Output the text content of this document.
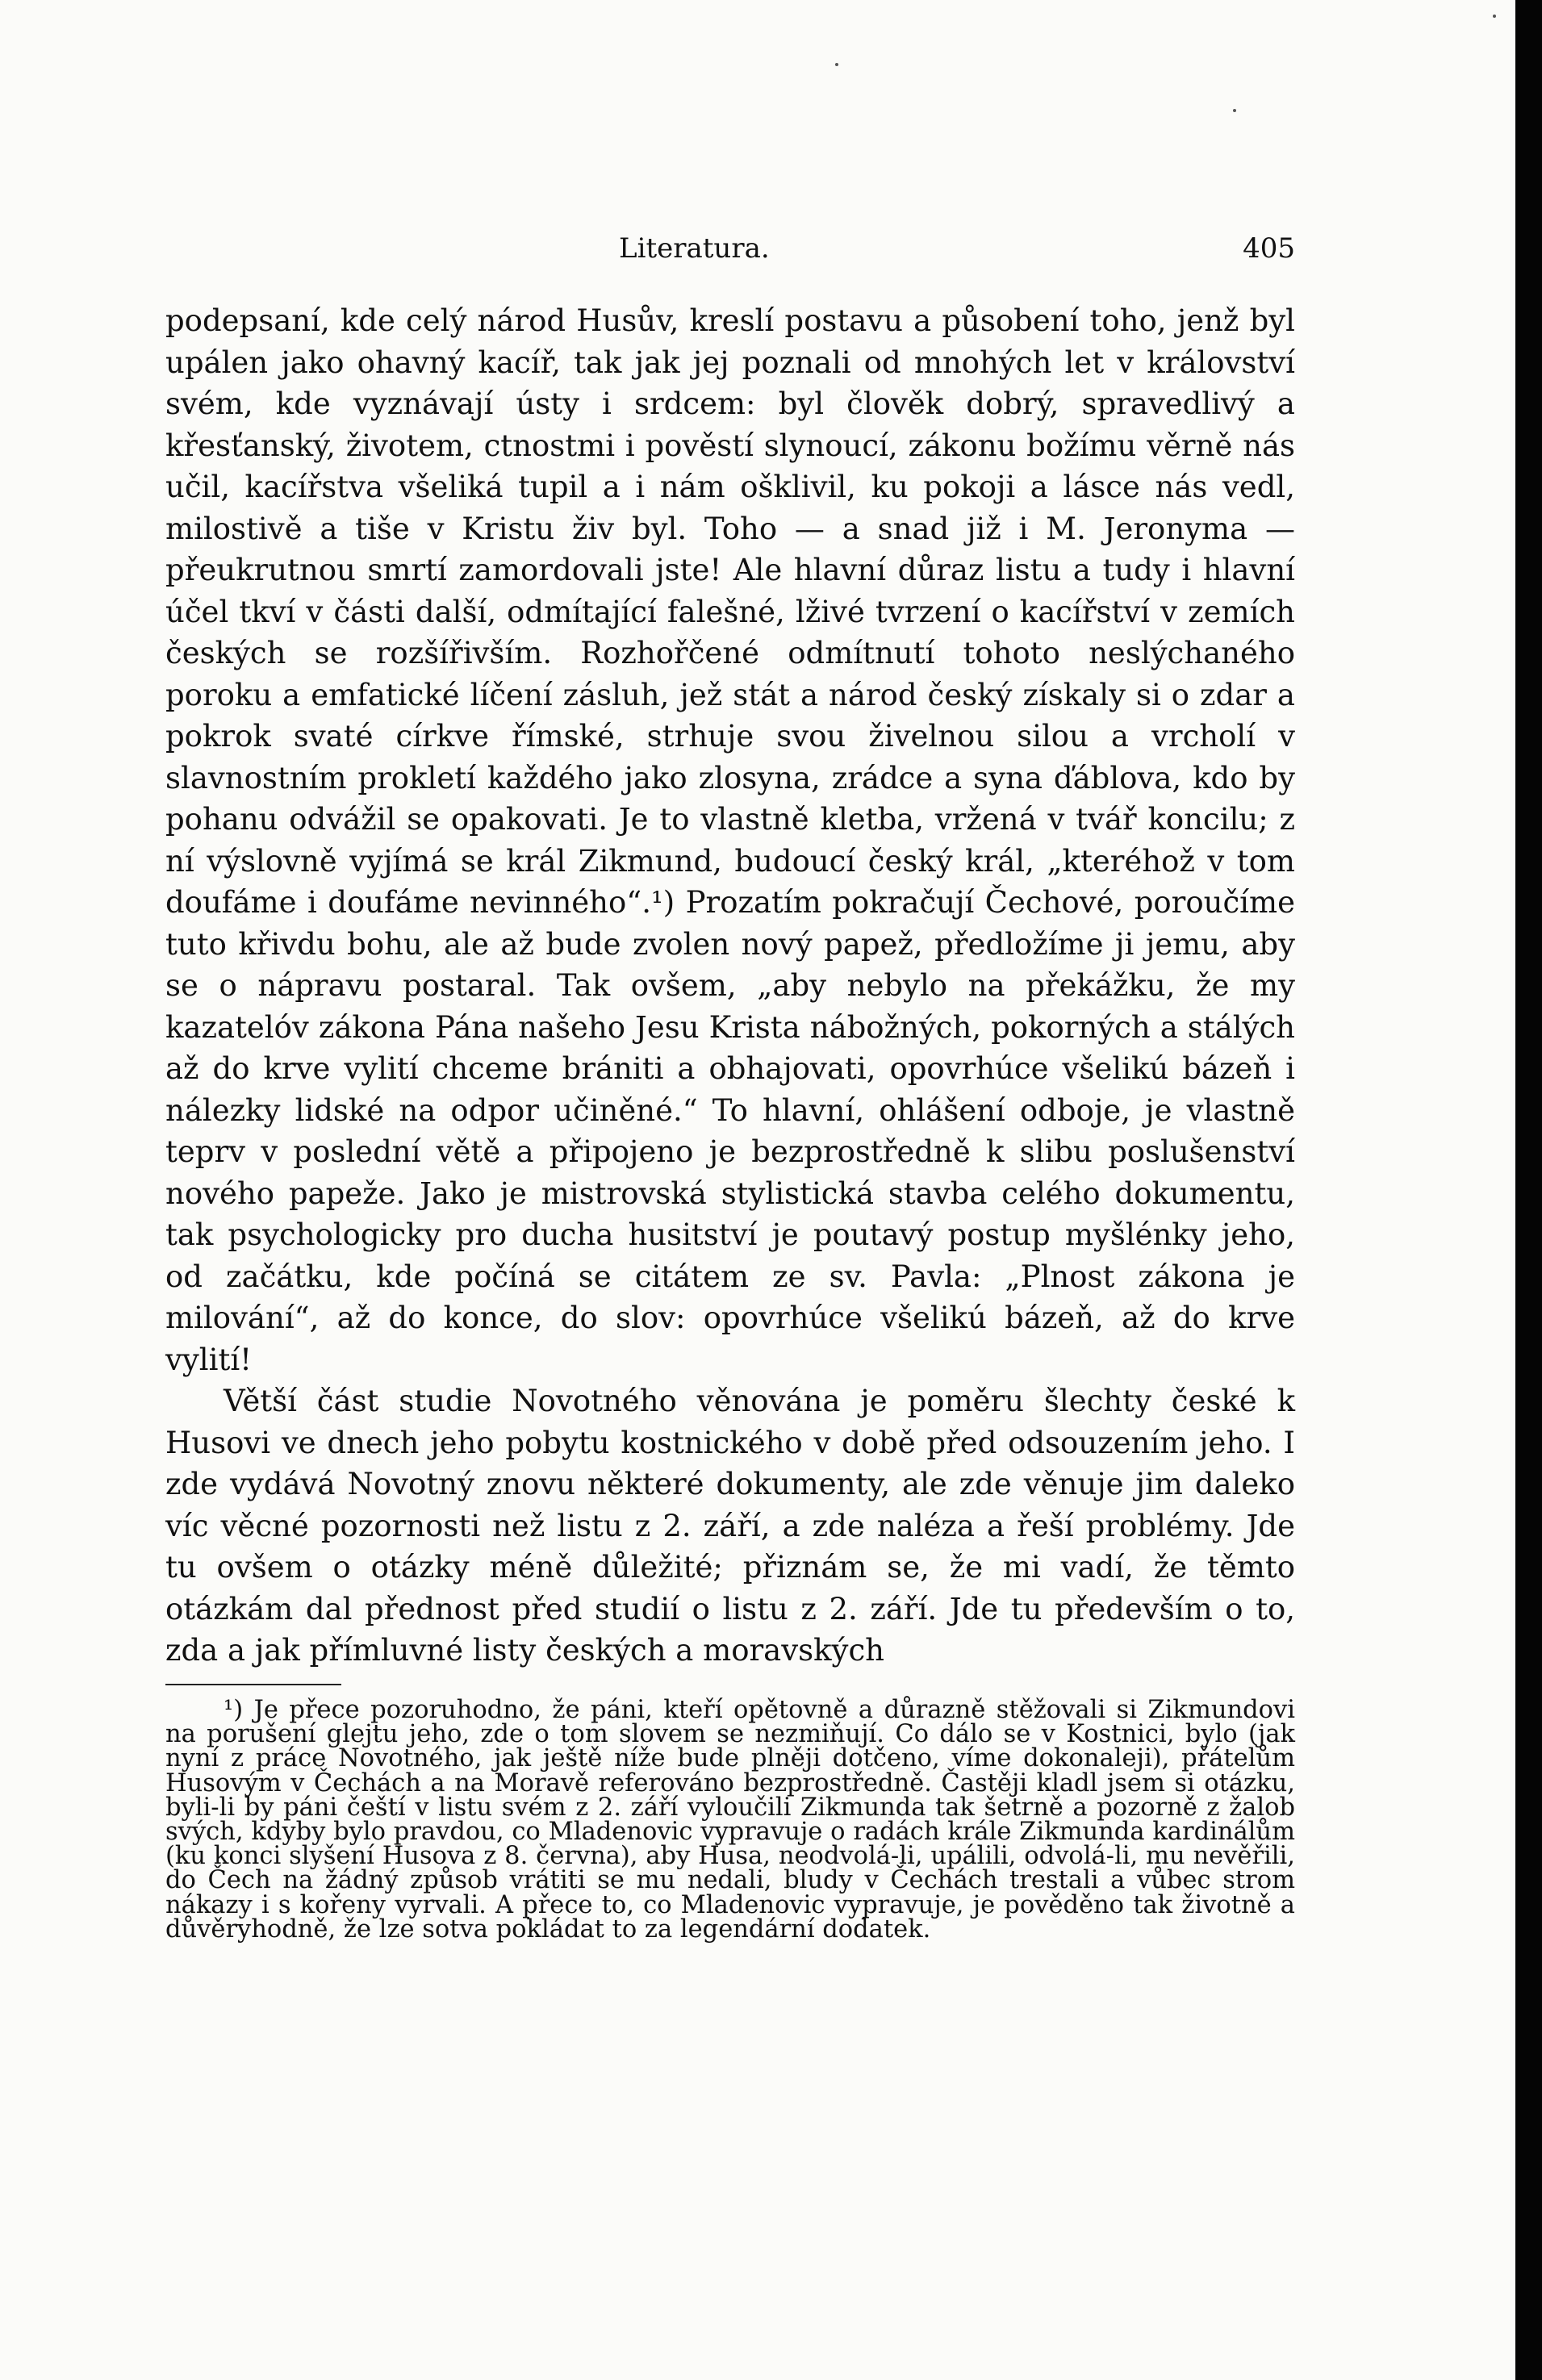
Literatura.	405

podepsaní, kde celý národ Husův, kreslí postavu a působení toho, jenž byl upálen jako ohavný kacíř, tak jak jej poznali od mnohých let v království svém, kde vyznávají ústy i srdcem: byl člověk dobrý, spravedlivý a křesťanský, životem, ctnostmi i pověstí slynoucí, zákonu božímu věrně nás učil, kacířstva všeliká tupil a i nám ošklivil, ku pokoji a lásce nás vedl, milostivě a tiše v Kristu živ byl. Toho — a snad již i M. Jeronyma — přeukrutnou smrtí zamordovali jste! Ale hlavní důraz listu a tudy i hlavní účel tkví v části další, odmítající falešné, lživé tvrzení o kacířství v zemích českých se rozšířivším. Rozhořčené odmítnutí tohoto neslýchaného poroku a emfatické líčení zásluh, jež stát a národ český získaly si o zdar a pokrok svaté církve římské, strhuje svou živelnou silou a vrcholí v slavnostním prokletí každého jako zlosyna, zrádce a syna ďáblova, kdo by pohanu odvážil se opakovati. Je to vlastně kletba, vržená v tvář koncilu; z ní výslovně vyjímá se král Zikmund, budoucí český král, „kteréhož v tom doufáme i doufáme nevinného“.¹) Prozatím pokračují Čechové, poroučíme tuto křivdu bohu, ale až bude zvolen nový papež, předložíme ji jemu, aby se o nápravu postaral. Tak ovšem, „aby nebylo na překážku, že my kazatelóv zákona Pána našeho Jesu Krista nábožných, pokorných a stálých až do krve vylití chceme brániti a obhajovati, opovrhúce všelikú bázeň i nálezky lidské na odpor učiněné.“ To hlavní, ohlášení odboje, je vlastně teprv v poslední větě a připojeno je bezprostředně k slibu poslušenství nového papeže. Jako je mistrovská stylistická stavba celého dokumentu, tak psychologicky pro ducha husitství je poutavý postup myšlénky jeho, od začátku, kde počíná se citátem ze sv. Pavla: „Plnost zákona je milování“, až do konce, do slov: opovrhúce všelikú bázeň, až do krve vylití!

Větší část studie Novotného věnována je poměru šlechty české k Husovi ve dnech jeho pobytu kostnického v době před odsouzením jeho. I zde vydává Novotný znovu některé dokumenty, ale zde věnuje jim daleko víc věcné pozornosti než listu z 2. září, a zde naléza a řeší problémy. Jde tu ovšem o otázky méně důležité; přiznám se, že mi vadí, že těmto otázkám dal přednost před studií o listu z 2. září. Jde tu především o to, zda a jak přímluvné listy českých a moravských

¹) Je přece pozoruhodno, že páni, kteří opětovně a důrazně stěžovali si Zikmundovi na porušení glejtu jeho, zde o tom slovem se nezmiňují. Co dálo se v Kostnici, bylo (jak nyní z práce Novotného, jak ještě níže bude plněji dotčeno, víme dokonaleji), přátelům Husovým v Čechách a na Moravě referováno bezprostředně. Častěji kladl jsem si otázku, byli-li by páni čeští v listu svém z 2. září vyloučili Zikmunda tak šetrně a pozorně z žalob svých, kdyby bylo pravdou, co Mladenovic vypravuje o radách krále Zikmunda kardinálům (ku konci slyšení Husova z 8. června), aby Husa, neodvolá-li, upálili, odvolá-li, mu nevěřili, do Čech na žádný způsob vrátiti se mu nedali, bludy v Čechách trestali a vůbec strom nákazy i s kořeny vyrvali. A přece to, co Mladenovic vypravuje, je pověděno tak životně a důvěryhodně, že lze sotva pokládat to za legendární dodatek.
